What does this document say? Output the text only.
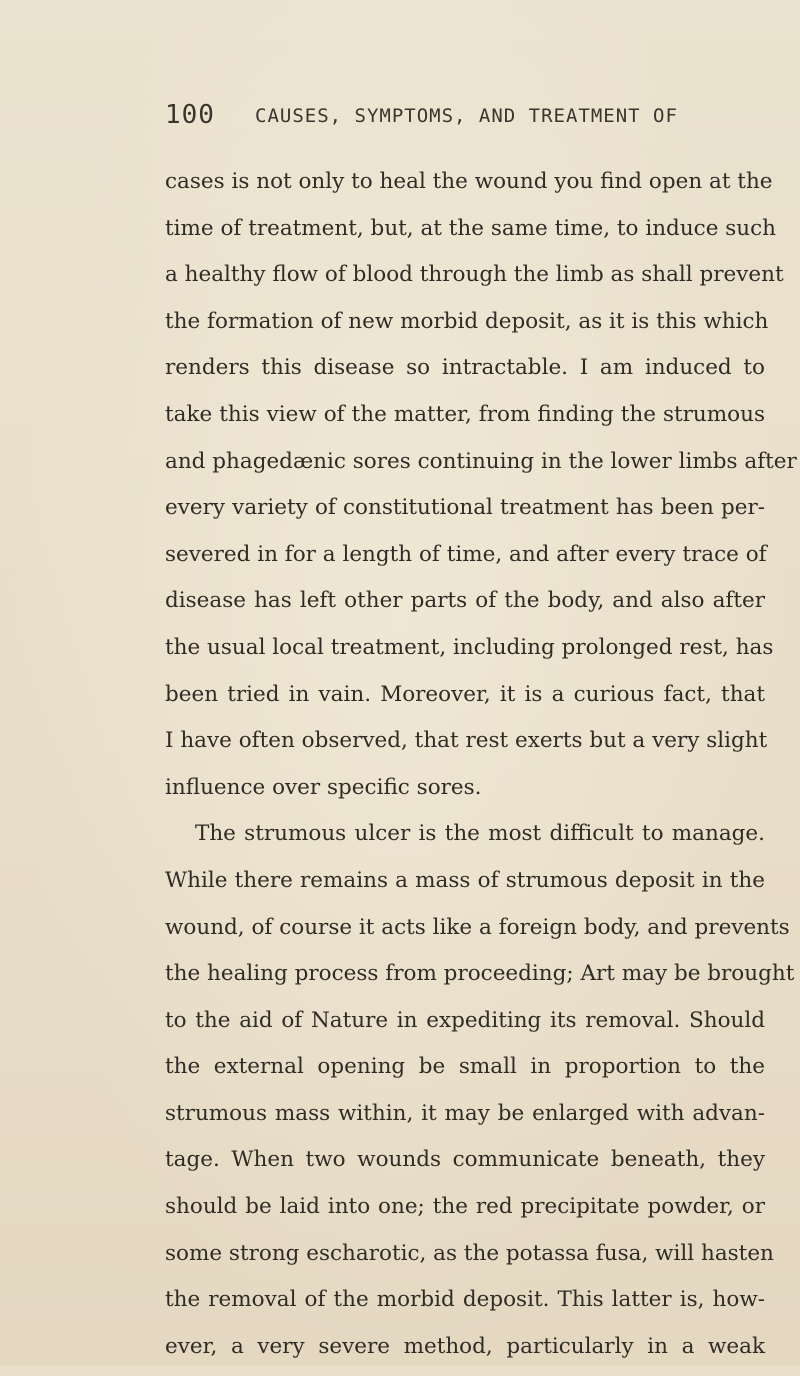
100 CAUSES, SYMPTOMS, AND TREATMENT OF
cases is not only to heal the wound you find open at the
time of treatment, but, at the same time, to induce such
a healthy flow of blood through the limb as shall prevent
the formation of new morbid deposit, as it is this which
renders this disease so intractable. I am induced to
take this view of the matter, from finding the strumous
and phagedænic sores continuing in the lower limbs after
every variety of constitutional treatment has been per-
severed in for a length of time, and after every trace of
disease has left other parts of the body, and also after
the usual local treatment, including prolonged rest, has
been tried in vain. Moreover, it is a curious fact, that
I have often observed, that rest exerts but a very slight
influence over specific sores.
The strumous ulcer is the most difficult to manage.
While there remains a mass of strumous deposit in the
wound, of course it acts like a foreign body, and prevents
the healing process from proceeding; Art may be brought
to the aid of Nature in expediting its removal. Should
the external opening be small in proportion to the
strumous mass within, it may be enlarged with advan-
tage. When two wounds communicate beneath, they
should be laid into one; the red precipitate powder, or
some strong escharotic, as the potassa fusa, will hasten
the removal of the morbid deposit. This latter is, how-
ever, a very severe method, particularly in a weak
